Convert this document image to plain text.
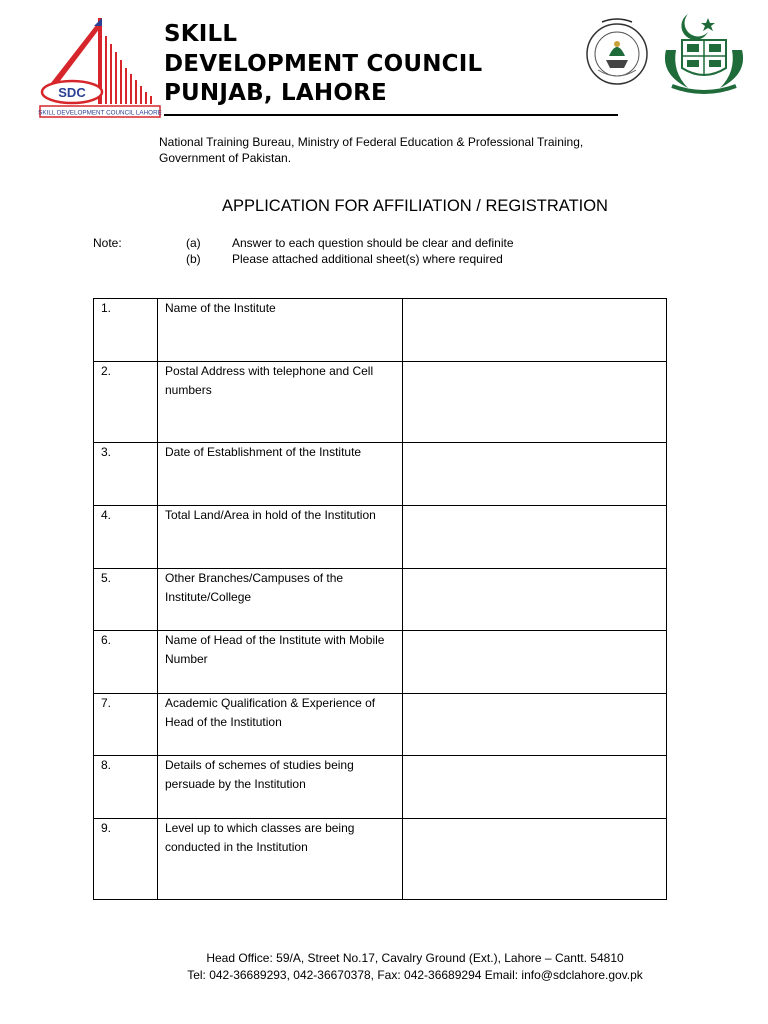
SDC
SKILL DEVELOPMENT COUNCIL LAHORE
SKILL
DEVELOPMENT COUNCIL
PUNJAB, LAHORE
National Training Bureau, Ministry of Federal Education & Professional Training,
Government of Pakistan.
APPLICATION FOR AFFILIATION / REGISTRATION
Note:	(a)	Answer to each question should be clear and definite
(b)	Please attached additional sheet(s) where required
1.	Name of the Institute	
2.	Postal Address with telephone and Cell numbers	
3.	Date of Establishment of the Institute	
4.	Total Land/Area in hold of the Institution	
5.	Other Branches/Campuses of the Institute/College	
6.	Name of Head of the Institute with Mobile Number	
7.	Academic Qualification & Experience of Head of the Institution	
8.	Details of schemes of studies being persuade by the Institution	
9.	Level up to which classes are being conducted in the Institution	
Head Office: 59/A, Street No.17, Cavalry Ground (Ext.), Lahore – Cantt. 54810
Tel: 042-36689293, 042-36670378, Fax: 042-36689294 Email: info@sdclahore.gov.pk
